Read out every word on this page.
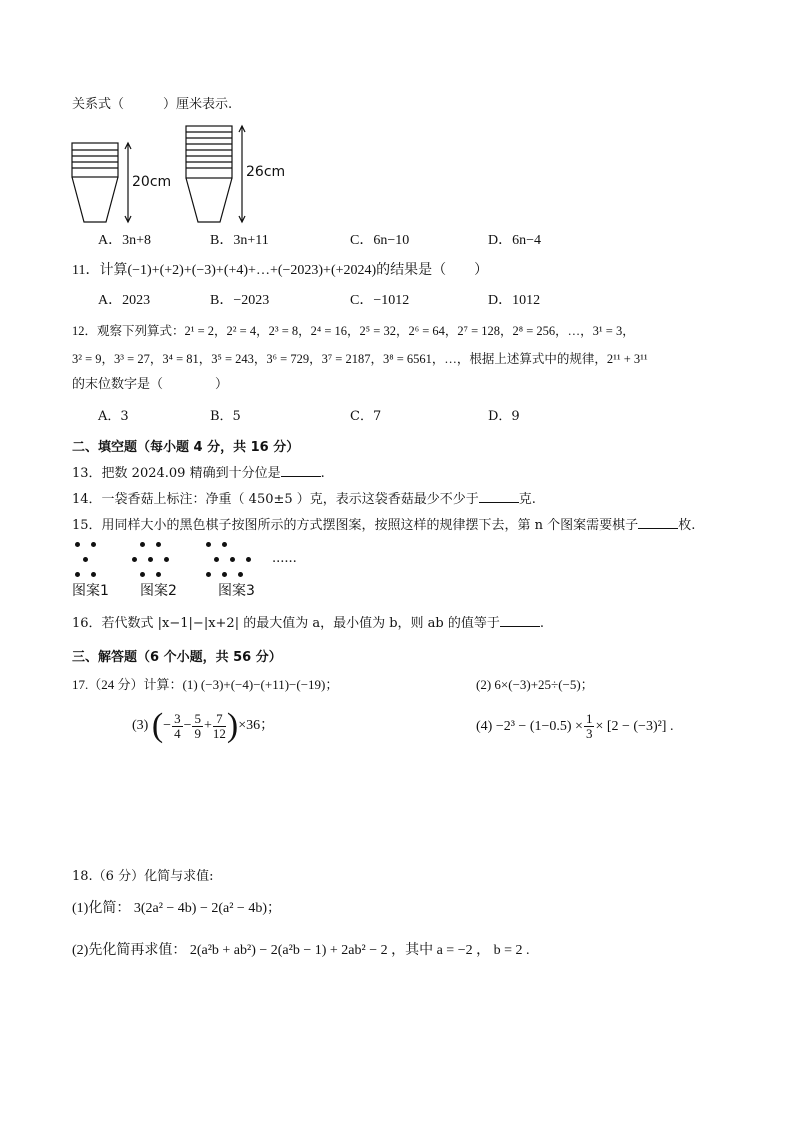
关系式（　　　）厘米表示.
20cm
26cm
A．3n+8	B．3n+11	C．6n−10	D．6n−4
11．计算(−1)+(+2)+(−3)+(+4)+…+(−2023)+(+2024)的结果是（　　）
A．2023	B．−2023	C．−1012	D．1012
12．观察下列算式：2¹ = 2，2² = 4，2³ = 8，2⁴ = 16，2⁵ = 32，2⁶ = 64，2⁷ = 128，2⁸ = 256，…，3¹ = 3，
3² = 9，3³ = 27，3⁴ = 81，3⁵ = 243，3⁶ = 729，3⁷ = 2187，3⁸ = 6561，…，根据上述算式中的规律，2¹¹ + 3¹¹
的末位数字是（　　　　）
A．3	B．5	C．7	D．9
二、填空题（每小题 4 分，共 16 分）
13．把数 2024.09 精确到十分位是	.
14．一袋香菇上标注：净重（ 450±5 ）克，表示这袋香菇最少不少于	克.
15．用同样大小的黑色棋子按图所示的方式摆图案，按照这样的规律摆下去，第 n 个图案需要棋子	枚.
......
图案1 图案2	图案3
16．若代数式 |x−1|−|x+2| 的最大值为 a，最小值为 b，则 ab 的值等于	.
三、解答题（6 个小题，共 56 分）
17.（24 分）计算：(1) (−3)+(−4)−(+11)−(−19)；	(2) 6×(−3)+25÷(−5)；
(3) (− $\frac{3}{4} - \frac{5}{9} + \frac{7}{12} )\times 36$；	$(4) -2^3 - (1-0.5) \times \frac{1}{3} \times [2 - (-3)^2]$ .
18.（6 分）化简与求值:
(1)化简： 3(2a² − 4b) − 2(a² − 4b)；
(2)先化简再求值： 2(a²b + ab²) − 2(a²b − 1) + 2ab² − 2 ，其中 a = −2 ， b = 2 .
